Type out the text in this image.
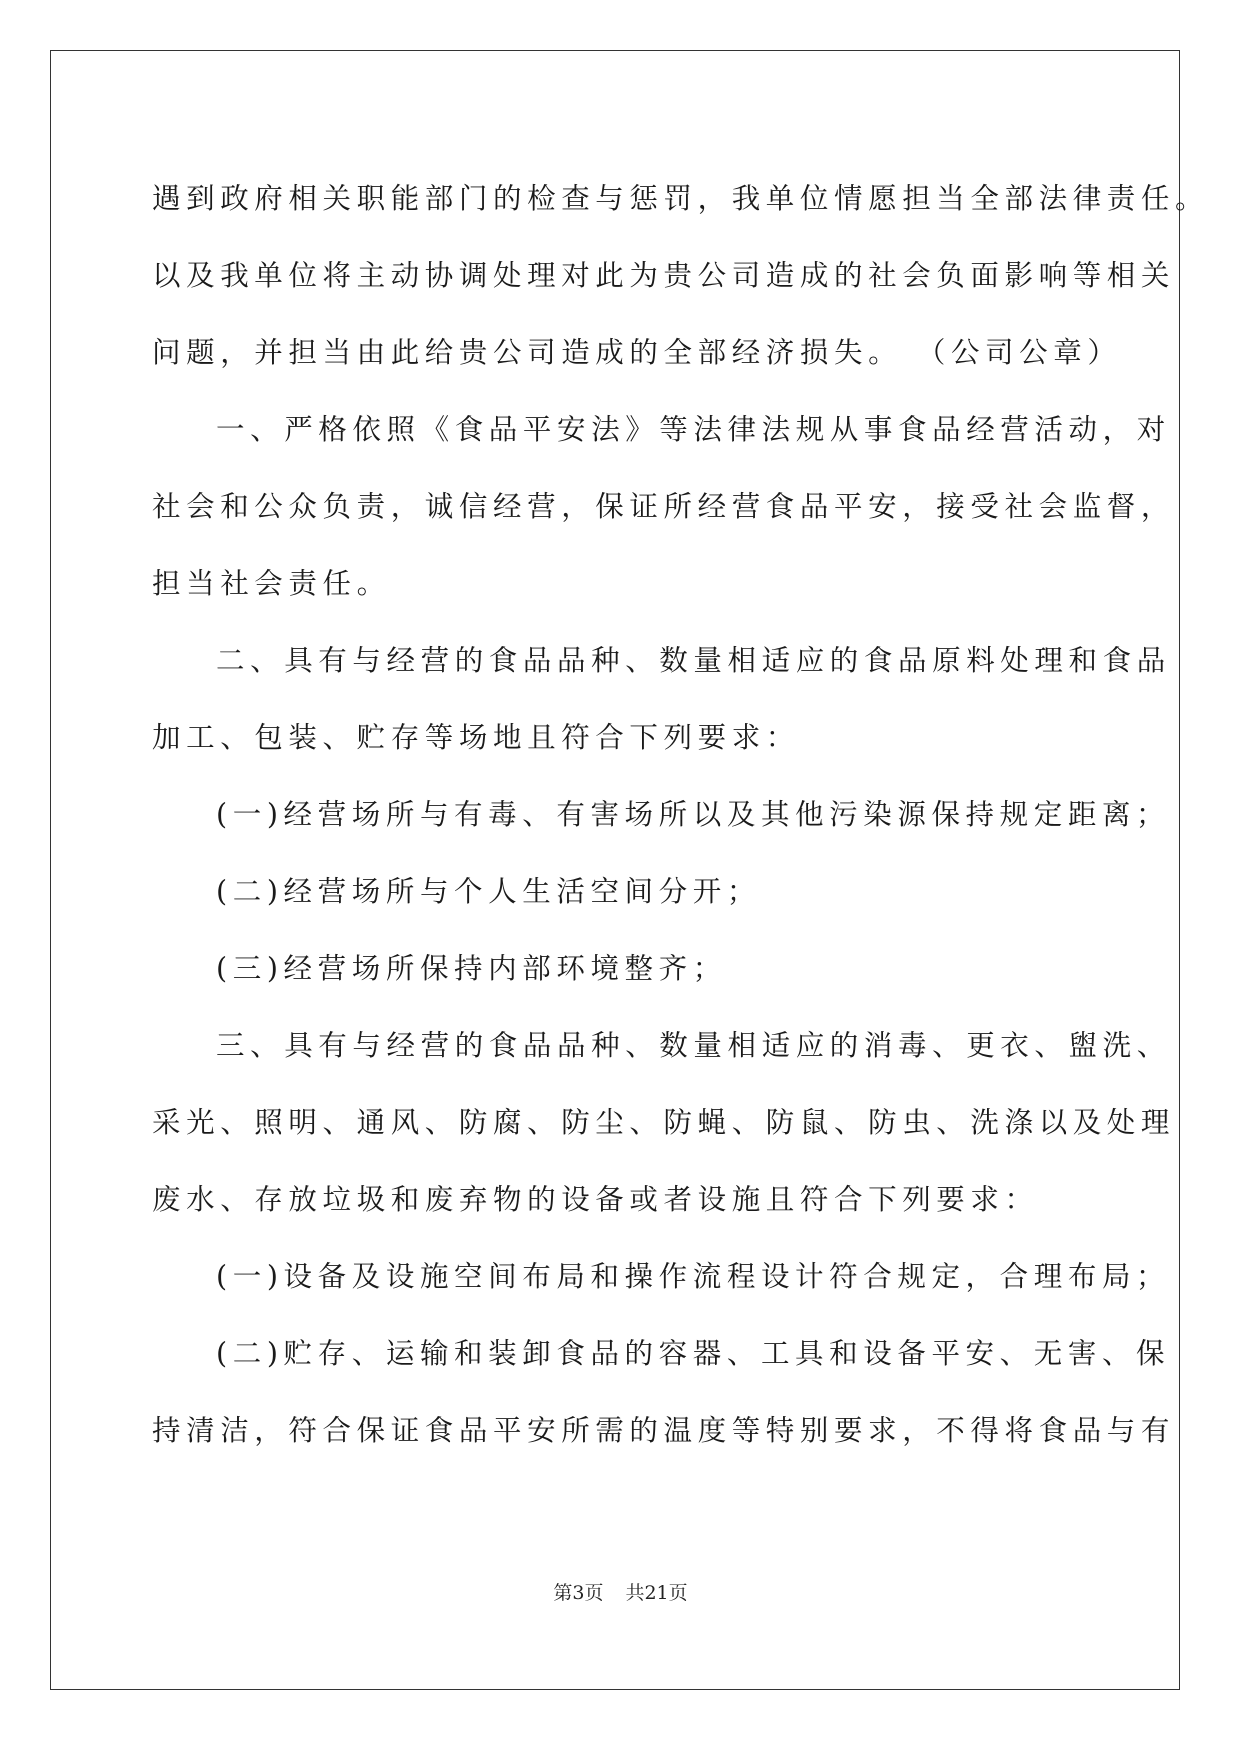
遇到政府相关职能部门的检查与惩罚，我单位情愿担当全部法律责任。
以及我单位将主动协调处理对此为贵公司造成的社会负面影响等相关
问题，并担当由此给贵公司造成的全部经济损失。 （公司公章）
一、严格依照《食品平安法》等法律法规从事食品经营活动，对
社会和公众负责，诚信经营，保证所经营食品平安，接受社会监督，
担当社会责任。
二、具有与经营的食品品种、数量相适应的食品原料处理和食品
加工、包装、贮存等场地且符合下列要求：
(一)经营场所与有毒、有害场所以及其他污染源保持规定距离；
(二)经营场所与个人生活空间分开；
(三)经营场所保持内部环境整齐；
三、具有与经营的食品品种、数量相适应的消毒、更衣、盥洗、
采光、照明、通风、防腐、防尘、防蝇、防鼠、防虫、洗涤以及处理
废水、存放垃圾和废弃物的设备或者设施且符合下列要求：
(一)设备及设施空间布局和操作流程设计符合规定，合理布局；
(二)贮存、运输和装卸食品的容器、工具和设备平安、无害、保
持清洁，符合保证食品平安所需的温度等特别要求，不得将食品与有
第3页 共21页
